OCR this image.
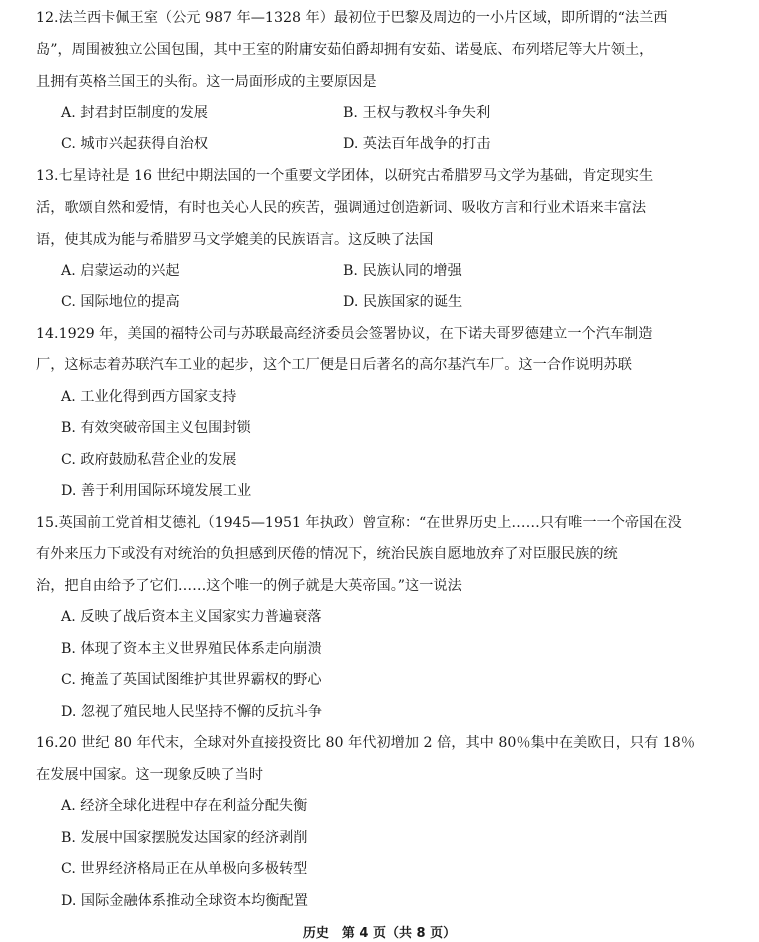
12.法兰西卡佩王室（公元 987 年—1328 年）最初位于巴黎及周边的一小片区域，即所谓的“法兰西
岛”，周围被独立公国包围，其中王室的附庸安茹伯爵却拥有安茹、诺曼底、布列塔尼等大片领土，
且拥有英格兰国王的头衔。这一局面形成的主要原因是
A. 封君封臣制度的发展	B. 王权与教权斗争失利
C. 城市兴起获得自治权	D. 英法百年战争的打击
13.七星诗社是 16 世纪中期法国的一个重要文学团体，以研究古希腊罗马文学为基础，肯定现实生
活，歌颂自然和爱情，有时也关心人民的疾苦，强调通过创造新词、吸收方言和行业术语来丰富法
语，使其成为能与希腊罗马文学媲美的民族语言。这反映了法国
A. 启蒙运动的兴起	B. 民族认同的增强
C. 国际地位的提高	D. 民族国家的诞生
14.1929 年，美国的福特公司与苏联最高经济委员会签署协议，在下诺夫哥罗德建立一个汽车制造
厂，这标志着苏联汽车工业的起步，这个工厂便是日后著名的高尔基汽车厂。这一合作说明苏联
A. 工业化得到西方国家支持
B. 有效突破帝国主义包围封锁
C. 政府鼓励私营企业的发展
D. 善于利用国际环境发展工业
15.英国前工党首相艾德礼（1945—1951 年执政）曾宣称：“在世界历史上……只有唯一一个帝国在没
有外来压力下或没有对统治的负担感到厌倦的情况下，统治民族自愿地放弃了对臣服民族的统
治，把自由给予了它们……这个唯一的例子就是大英帝国。”这一说法
A. 反映了战后资本主义国家实力普遍衰落
B. 体现了资本主义世界殖民体系走向崩溃
C. 掩盖了英国试图维护其世界霸权的野心
D. 忽视了殖民地人民坚持不懈的反抗斗争
16.20 世纪 80 年代末，全球对外直接投资比 80 年代初增加 2 倍，其中 80％集中在美欧日，只有 18％
在发展中国家。这一现象反映了当时
A. 经济全球化进程中存在利益分配失衡
B. 发展中国家摆脱发达国家的经济剥削
C. 世界经济格局正在从单极向多极转型
D. 国际金融体系推动全球资本均衡配置
历史　第 4 页（共 8 页）
